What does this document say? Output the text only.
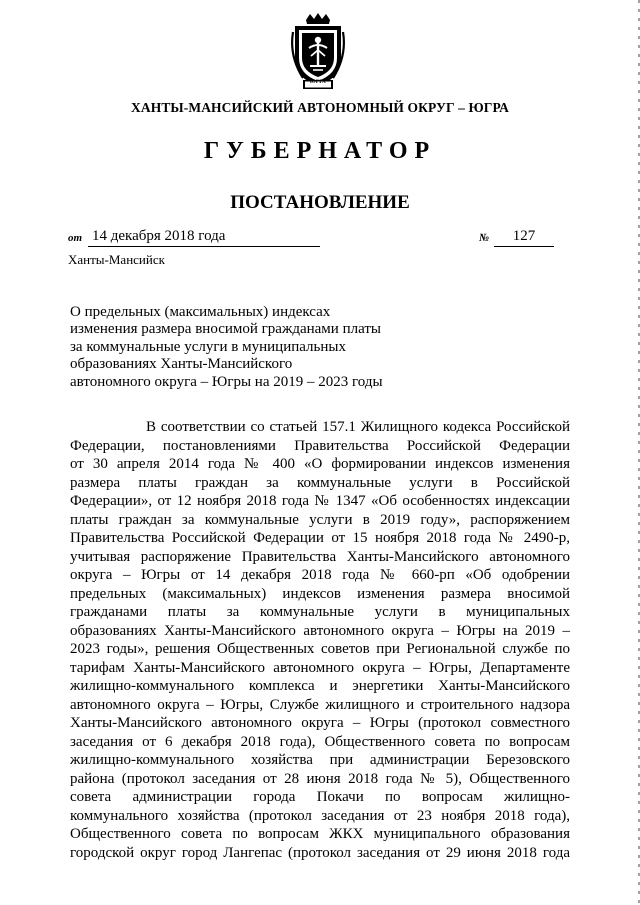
ЮГРА
ХАНТЫ-МАНСИЙСКИЙ АВТОНОМНЫЙ ОКРУГ – ЮГРА
ГУБЕРНАТОР
ПОСТАНОВЛЕНИЕ
от 14 декабря 2018 года	№	127
Ханты-Мансийск
О предельных (максимальных) индексах
изменения размера вносимой гражданами платы
за коммунальные услуги в муниципальных
образованиях Ханты-Мансийского
автономного округа – Югры на 2019 – 2023 годы
В соответствии со статьей 157.1 Жилищного кодекса Российской
Федерации, постановлениями Правительства Российской Федерации
от 30 апреля 2014 года № 400 «О формировании индексов изменения
размера платы граждан за коммунальные услуги в Российской
Федерации», от 12 ноября 2018 года № 1347 «Об особенностях индексации
платы граждан за коммунальные услуги в 2019 году», распоряжением
Правительства Российской Федерации от 15 ноября 2018 года № 2490-р,
учитывая распоряжение Правительства Ханты-Мансийского автономного
округа – Югры от 14 декабря 2018 года № 660-рп «Об одобрении
предельных (максимальных) индексов изменения размера вносимой
гражданами платы за коммунальные услуги в муниципальных
образованиях Ханты-Мансийского автономного округа – Югры на 2019 –
2023 годы», решения Общественных советов при Региональной службе по
тарифам Ханты-Мансийского автономного округа – Югры, Департаменте
жилищно-коммунального комплекса и энергетики Ханты-Мансийского
автономного округа – Югры, Службе жилищного и строительного надзора
Ханты-Мансийского автономного округа – Югры (протокол совместного
заседания от 6 декабря 2018 года), Общественного совета по вопросам
жилищно-коммунального хозяйства при администрации Березовского
района (протокол заседания от 28 июня 2018 года № 5), Общественного
совета администрации города Покачи по вопросам жилищно-
коммунального хозяйства (протокол заседания от 23 ноября 2018 года),
Общественного совета по вопросам ЖКХ муниципального образования
городской округ город Лангепас (протокол заседания от 29 июня 2018 года
